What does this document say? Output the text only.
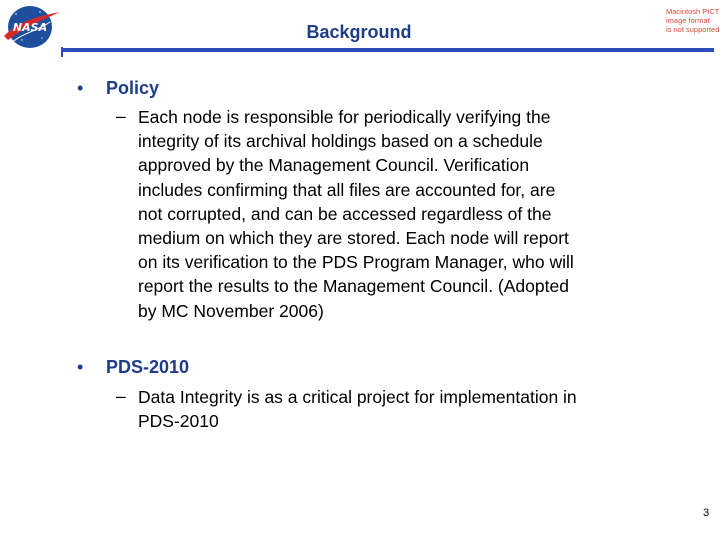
NASA	Background
Macintosh PICT
image format
is not supported
• Policy
– Each node is responsible for periodically verifying the
integrity of its archival holdings based on a schedule
approved by the Management Council. Verification
includes confirming that all files are accounted for, are
not corrupted, and can be accessed regardless of the
medium on which they are stored. Each node will report
on its verification to the PDS Program Manager, who will
report the results to the Management Council. (Adopted
by MC November 2006)
• PDS-2010
– Data Integrity is as a critical project for implementation in
PDS-2010
3
